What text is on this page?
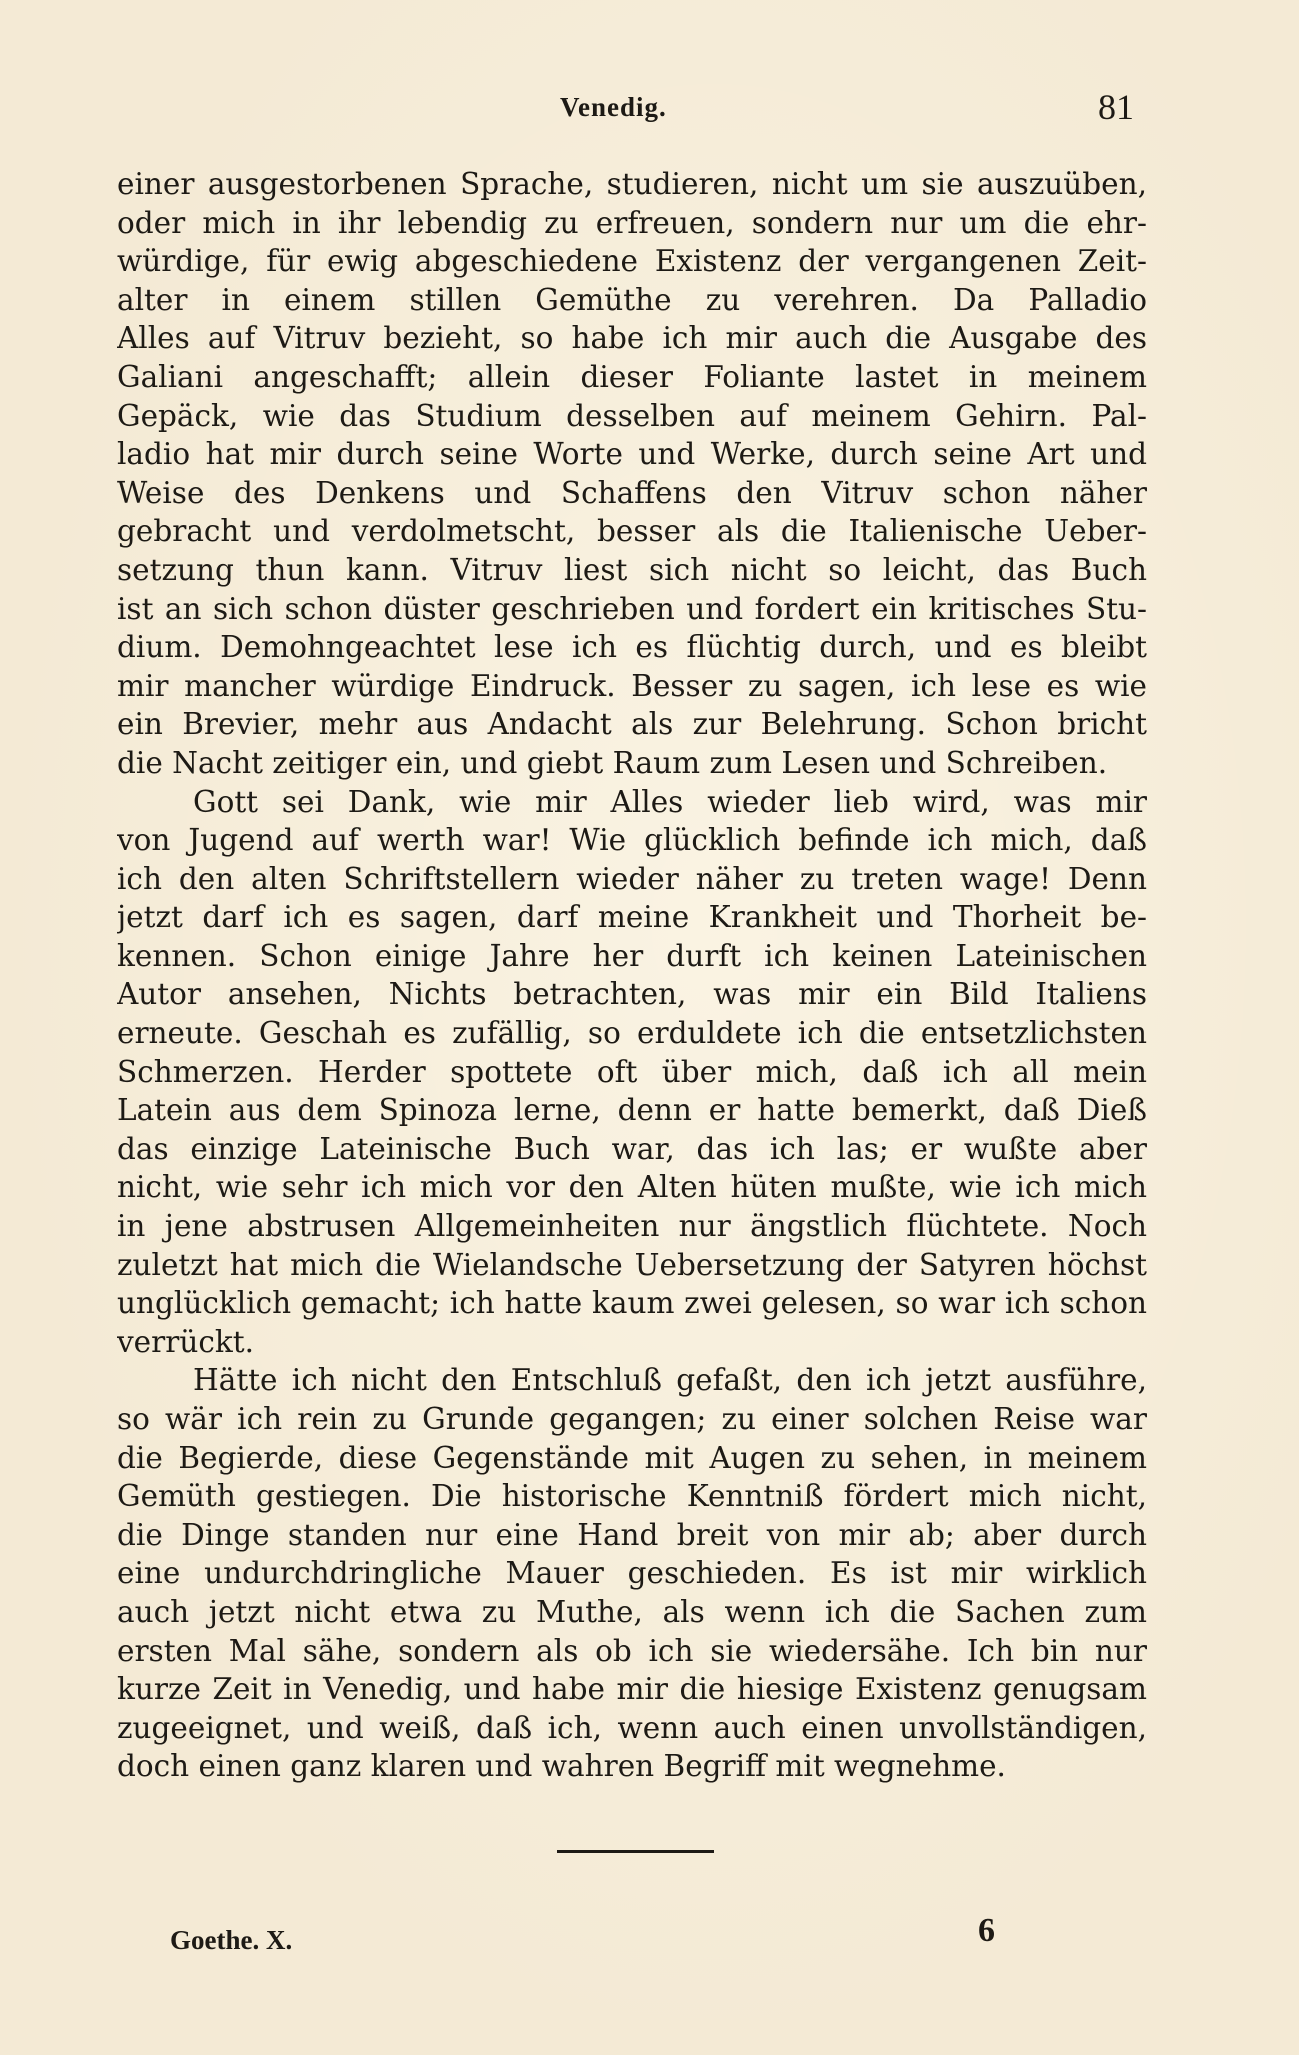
Venedig.	81
einer ausgestorbenen Sprache, studieren, nicht um sie auszuüben,
oder mich in ihr lebendig zu erfreuen, sondern nur um die ehr-
würdige, für ewig abgeschiedene Existenz der vergangenen Zeit-
alter in einem stillen Gemüthe zu verehren. Da Palladio
Alles auf Vitruv bezieht, so habe ich mir auch die Ausgabe des
Galiani angeschafft; allein dieser Foliante lastet in meinem
Gepäck, wie das Studium desselben auf meinem Gehirn. Pal-
ladio hat mir durch seine Worte und Werke, durch seine Art und
Weise des Denkens und Schaffens den Vitruv schon näher
gebracht und verdolmetscht, besser als die Italienische Ueber-
setzung thun kann. Vitruv liest sich nicht so leicht, das Buch
ist an sich schon düster geschrieben und fordert ein kritisches Stu-
dium. Demohngeachtet lese ich es flüchtig durch, und es bleibt
mir mancher würdige Eindruck. Besser zu sagen, ich lese es wie
ein Brevier, mehr aus Andacht als zur Belehrung. Schon bricht
die Nacht zeitiger ein, und giebt Raum zum Lesen und Schreiben.
Gott sei Dank, wie mir Alles wieder lieb wird, was mir
von Jugend auf werth war! Wie glücklich befinde ich mich, daß
ich den alten Schriftstellern wieder näher zu treten wage! Denn
jetzt darf ich es sagen, darf meine Krankheit und Thorheit be-
kennen. Schon einige Jahre her durft ich keinen Lateinischen
Autor ansehen, Nichts betrachten, was mir ein Bild Italiens
erneute. Geschah es zufällig, so erduldete ich die entsetzlichsten
Schmerzen. Herder spottete oft über mich, daß ich all mein
Latein aus dem Spinoza lerne, denn er hatte bemerkt, daß Dieß
das einzige Lateinische Buch war, das ich las; er wußte aber
nicht, wie sehr ich mich vor den Alten hüten mußte, wie ich mich
in jene abstrusen Allgemeinheiten nur ängstlich flüchtete. Noch
zuletzt hat mich die Wielandsche Uebersetzung der Satyren höchst
unglücklich gemacht; ich hatte kaum zwei gelesen, so war ich schon
verrückt.
Hätte ich nicht den Entschluß gefaßt, den ich jetzt ausführe,
so wär ich rein zu Grunde gegangen; zu einer solchen Reise war
die Begierde, diese Gegenstände mit Augen zu sehen, in meinem
Gemüth gestiegen. Die historische Kenntniß fördert mich nicht,
die Dinge standen nur eine Hand breit von mir ab; aber durch
eine undurchdringliche Mauer geschieden. Es ist mir wirklich
auch jetzt nicht etwa zu Muthe, als wenn ich die Sachen zum
ersten Mal sähe, sondern als ob ich sie wiedersähe. Ich bin nur
kurze Zeit in Venedig, und habe mir die hiesige Existenz genugsam
zugeeignet, und weiß, daß ich, wenn auch einen unvollständigen,
doch einen ganz klaren und wahren Begriff mit wegnehme.
Goethe. X.	6
